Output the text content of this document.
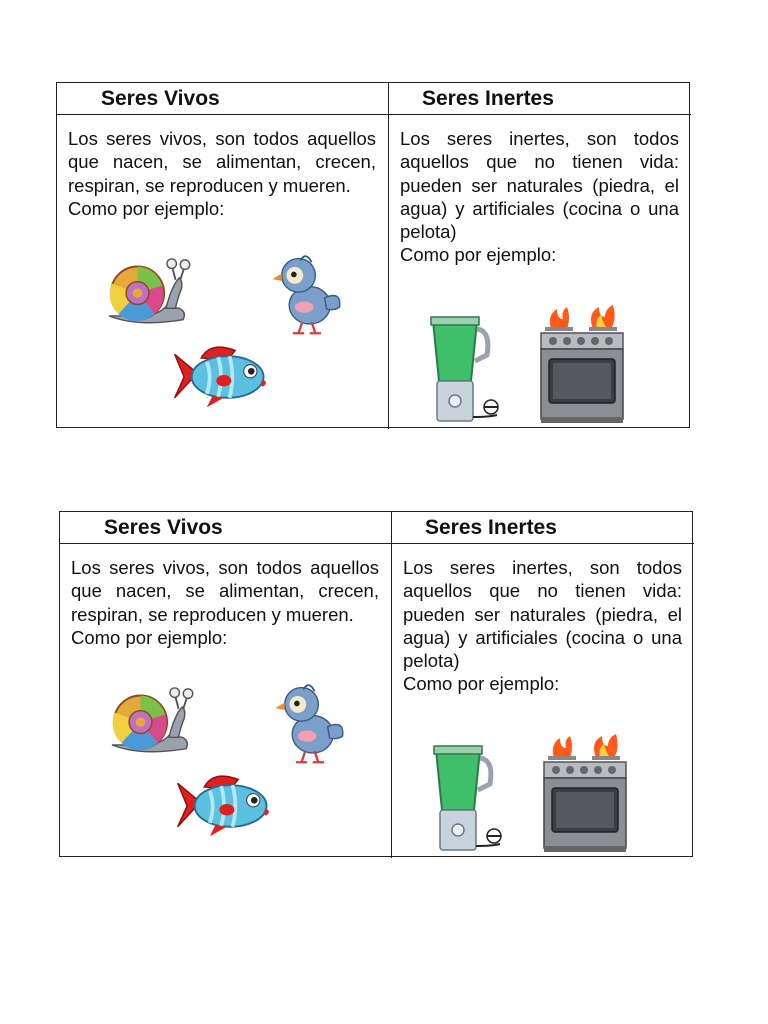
Seres Vivos	Seres Inertes

Los seres vivos, son todos aquellos que nacen, se alimentan, crecen, respiran, se reproducen y mueren.
Como por ejemplo:

Los seres inertes, son todos aquellos que no tienen vida: pueden ser naturales (piedra, el agua) y artificiales (cocina o una pelota)
Como por ejemplo:

Seres Vivos	Seres Inertes

Los seres vivos, son todos aquellos que nacen, se alimentan, crecen, respiran, se reproducen y mueren.
Como por ejemplo:

Los seres inertes, son todos aquellos que no tienen vida: pueden ser naturales (piedra, el agua) y artificiales (cocina o una pelota)
Como por ejemplo:
